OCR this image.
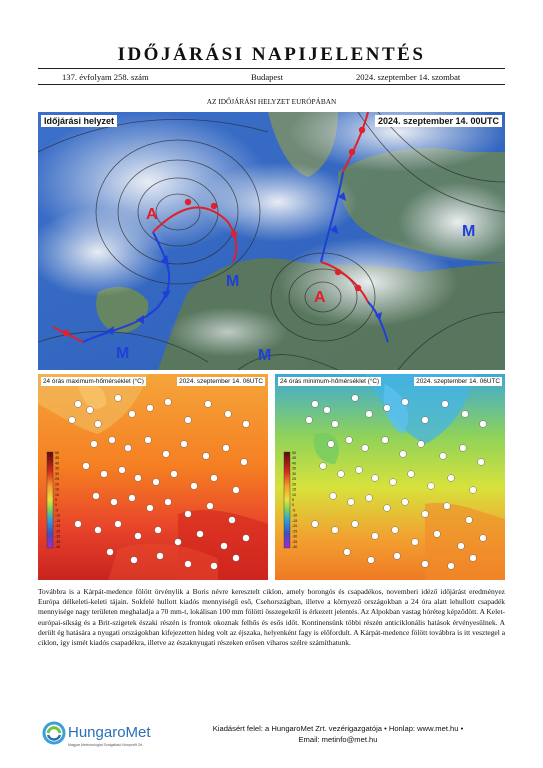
IDŐJÁRÁSI NAPIJELENTÉS
137. évfolyam 258. szám	Budapest	2024. szeptember 14. szombat
AZ IDŐJÁRÁSI HELYZET EURÓPÁBAN
A
A
M
M	M
M
Időjárási helyzet	2024. szeptember 14. 00UTC
50
45
40
35
30
25
20
15
10
5
0
-5
-10
-15
-20
-25
-30
-35
-40
24 órás maximum-hőmérséklet (°C)	2024. szeptember 14. 06UTC
50
45
40
35
30
25
20
15
10
5
0
-5
-10
-15
-20
-25
-30
-35
-40
24 órás minimum-hőmérséklet (°C)	2024. szeptember 14. 06UTC
Továbbra is a Kárpát-medence fölött örvénylik a Boris névre keresztelt ciklon, amely borongós és csapadékos, novemberi idéző időjárást eredményez Európa délkeleti-keleti tájain. Sokfelé hullott kiadós mennyiségű eső, Csehországban, illetve a környező országokban a 24 óra alatt lehullott csapadék mennyisége nagy területen meghaladja a 70 mm-t, lokálisan 100 mm fölötti összegekről is érkezett jelentés. Az Alpokban vastag hóréteg képződött. A Kelet-európai-síkság és a Brit-szigetek északi részén is frontok okoznak felhős és esős időt. Kontinensünk többi részén anticiklonális hatások érvényesülnek. A derült ég hatására a nyugati országokban kifejezetten hideg volt az éjszaka, helyenként fagy is előfordult. A Kárpát-medence fölött továbbra is itt vesztegel a ciklon, így ismét kiadós csapadékra, illetve az északnyugati részeken erősen viharos szélre számíthatunk.
HungaroMet
Magyar Meteorológiai Szolgáltató Nonprofit Zrt.
Kiadásért felel: a HungaroMet Zrt. vezérigazgatója • Honlap: www.met.hu •
Email: metinfo@met.hu
